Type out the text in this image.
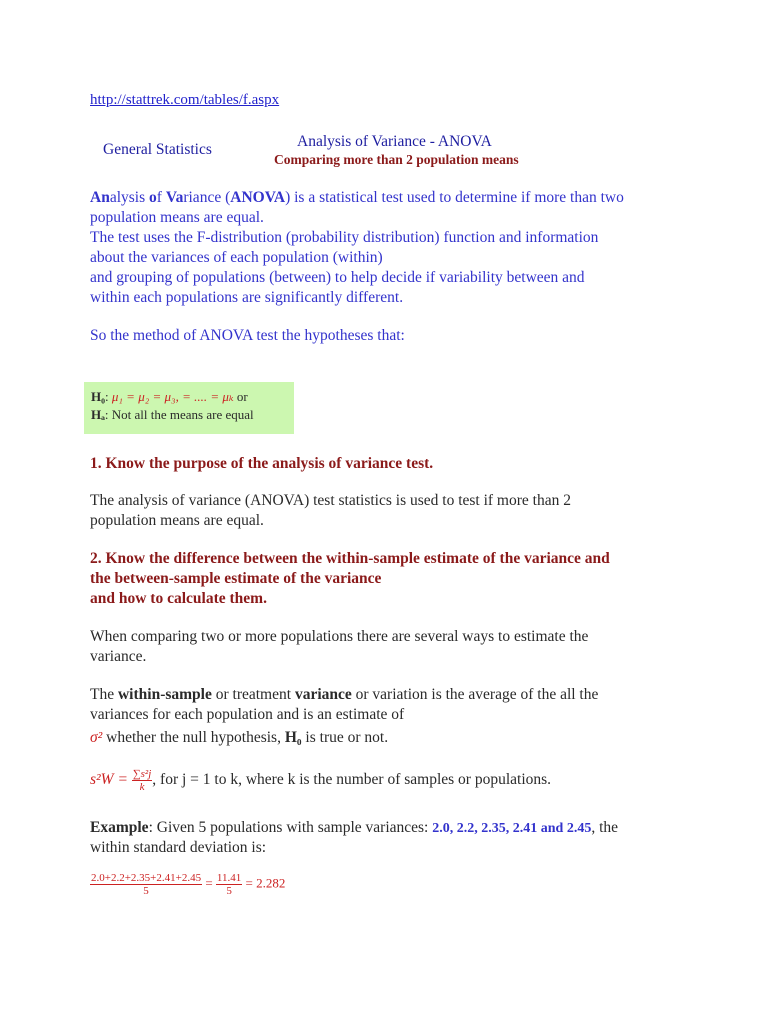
http://stattrek.com/tables/f.aspx
General Statistics	Analysis of Variance - ANOVA
Comparing more than 2 population means
Analysis of Variance (ANOVA) is a statistical test used to determine if more than two
population means are equal.
The test uses the F-distribution (probability distribution) function and information
about the variances of each population (within)
and grouping of populations (between) to help decide if variability between and
within each populations are significantly different.
So the method of ANOVA test the hypotheses that:
H₀: μ₁ = μ₂ = μ₃, = .... = μₖ or
Hₐ: Not all the means are equal
1. Know the purpose of the analysis of variance test.
The analysis of variance (ANOVA) test statistics is used to test if more than 2
population means are equal.
2. Know the difference between the within-sample estimate of the variance and
the between-sample estimate of the variance
and how to calculate them.
When comparing two or more populations there are several ways to estimate the
variance.
The within-sample or treatment variance or variation is the average of the all the
variances for each population and is an estimate of
σ² whether the null hypothesis, H₀ is true or not.
$s^2W = \frac{\text{∑s²j}}{k}$, for j = 1 to k, where k is the number of samples or populations.
Example: Given 5 populations with sample variances: 2.0, 2.2, 2.35, 2.41 and 2.45, the
within standard deviation is:
$\frac{2.0+2.2+2.35+2.41+2.45}{5} = \frac{11.41}{5} = 2.282$
